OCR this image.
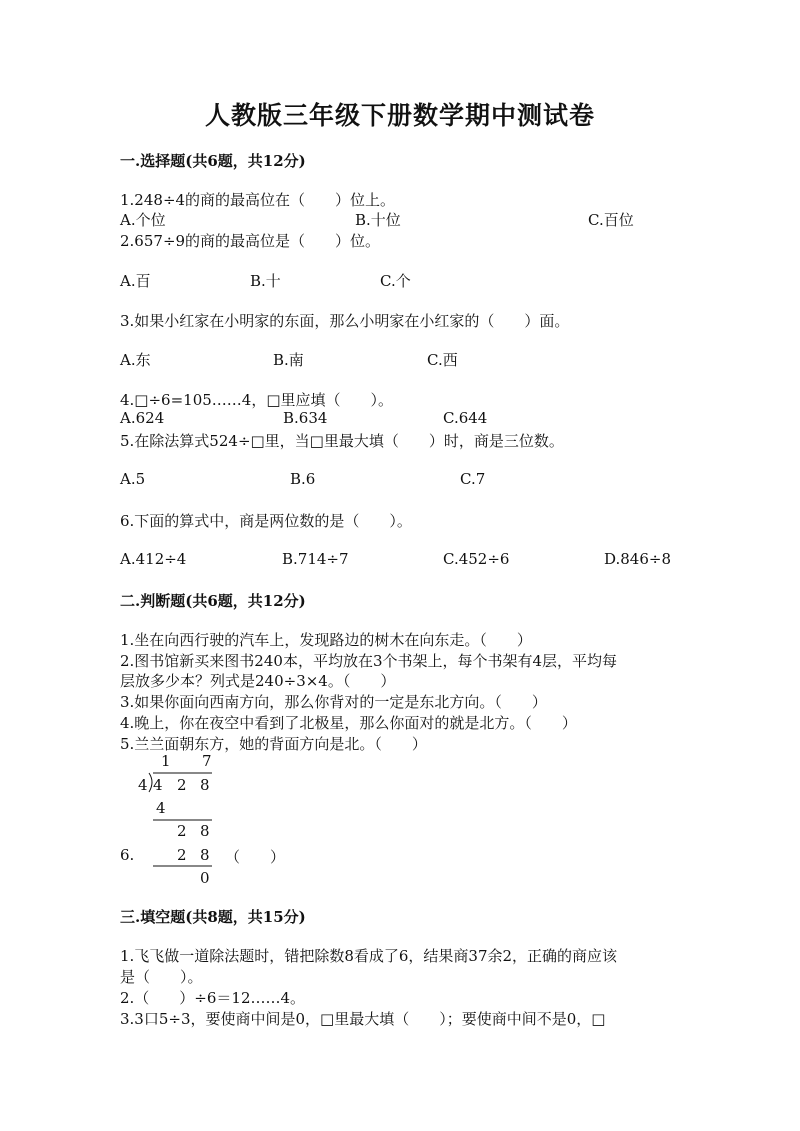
人教版三年级下册数学期中测试卷
一.选择题(共6题，共12分)
1.248÷4的商的最高位在（　　）位上。
A.个位	B.十位	C.百位
2.657÷9的商的最高位是（　　）位。
A.百	B.十	C.个
3.如果小红家在小明家的东面，那么小明家在小红家的（　　）面。
A.东	B.南	C.西
4.□÷6=105……4，□里应填（　　）。
A.624	B.634	C.644
5.在除法算式524÷□里，当□里最大填（　　）时，商是三位数。
A.5	B.6	C.7
6.下面的算式中，商是两位数的是（　　）。
A.412÷4	B.714÷7	C.452÷6	D.846÷8
二.判断题(共6题，共12分)
1.坐在向西行驶的汽车上，发现路边的树木在向东走。（　　）
2.图书馆新买来图书240本，平均放在3个书架上，每个书架有4层，平均每
层放多少本？列式是240÷3×4。（　　）
3.如果你面向西南方向，那么你背对的一定是东北方向。（　　）
4.晚上，你在夜空中看到了北极星，那么你面对的就是北方。（　　）
5.兰兰面朝东方，她的背面方向是北。（　　）
1 7
4 4 2 8
4
2 8
2 8
0
6.	（　　）
三.填空题(共8题，共15分)
1.飞飞做一道除法题时，错把除数8看成了6，结果商37余2，正确的商应该
是（　　）。
2.（　　）÷6＝12……4。
3.3口5÷3，要使商中间是0，□里最大填（　　）；要使商中间不是0，□
